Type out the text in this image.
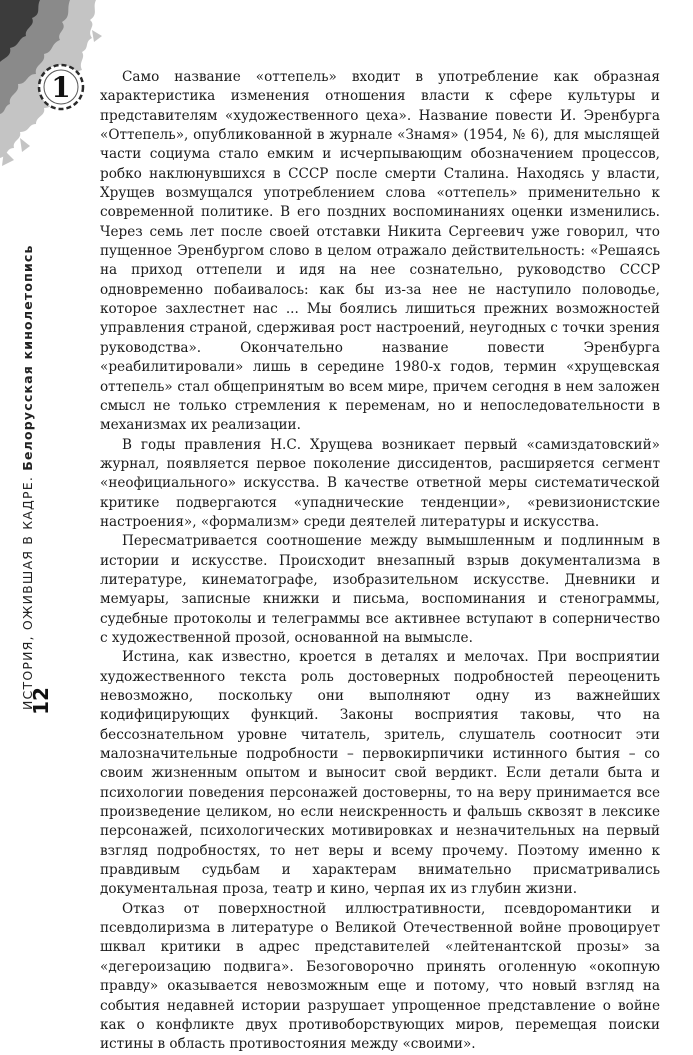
1
ИСТОРИЯ, ОЖИВШАЯ В КАДРЕ. Белорусская кинолетопись
12

Само название «оттепель» входит в употребление как образная характеристика изменения отношения власти к сфере культуры и представителям «художественного цеха». Название повести И. Эренбурга «Оттепель», опубликованной в журнале «Знамя» (1954, № 6), для мыслящей части социума стало емким и исчерпывающим обозначением процессов, робко наклюнувшихся в СССР после смерти Сталина. Находясь у власти, Хрущев возмущался употреблением слова «оттепель» применительно к современной политике. В его поздних воспоминаниях оценки изменились. Через семь лет после своей отставки Никита Сергеевич уже говорил, что пущенное Эренбургом слово в целом отражало действительность: «Решаясь на приход оттепели и идя на нее сознательно, руководство СССР одновременно побаивалось: как бы из-за нее не наступило половодье, которое захлестнет нас ... Мы боялись лишиться прежних возможностей управления страной, сдерживая рост настроений, неугодных с точки зрения руководства». Окончательно название повести Эренбурга «реабилитировали» лишь в середине 1980-х годов, термин «хрущевская оттепель» стал общепринятым во всем мире, причем сегодня в нем заложен смысл не только стремления к переменам, но и непоследовательности в механизмах их реализации.

В годы правления Н.С. Хрущева возникает первый «самиздатовский» журнал, появляется первое поколение диссидентов, расширяется сегмент «неофициального» искусства. В качестве ответной меры систематической критике подвергаются «упаднические тенденции», «ревизионистские настроения», «формализм» среди деятелей литературы и искусства.

Пересматривается соотношение между вымышленным и подлинным в истории и искусстве. Происходит внезапный взрыв документализма в литературе, кинематографе, изобразительном искусстве. Дневники и мемуары, записные книжки и письма, воспоминания и стенограммы, судебные протоколы и телеграммы все активнее вступают в соперничество с художественной прозой, основанной на вымысле.

Истина, как известно, кроется в деталях и мелочах. При восприятии художественного текста роль достоверных подробностей переоценить невозможно, поскольку они выполняют одну из важнейших кодифицирующих функций. Законы восприятия таковы, что на бессознательном уровне читатель, зритель, слушатель соотносит эти малозначительные подробности – первокирпичики истинного бытия – со своим жизненным опытом и выносит свой вердикт. Если детали быта и психологии поведения персонажей достоверны, то на веру принимается все произведение целиком, но если неискренность и фальшь сквозят в лексике персонажей, психологических мотивировках и незначительных на первый взгляд подробностях, то нет веры и всему прочему. Поэтому именно к правдивым судьбам и характерам внимательно присматривались документальная проза, театр и кино, черпая их из глубин жизни.

Отказ от поверхностной иллюстративности, псевдоромантики и псевдолиризма в литературе о Великой Отечественной войне провоцирует шквал критики в адрес представителей «лейтенантской прозы» за «дегероизацию подвига». Безоговорочно принять оголенную «окопную правду» оказывается невозможным еще и потому, что новый взгляд на события недавней истории разрушает упрощенное представление о войне как о конфликте двух противоборствующих миров, перемещая поиски истины в область противостояния между «своими».
